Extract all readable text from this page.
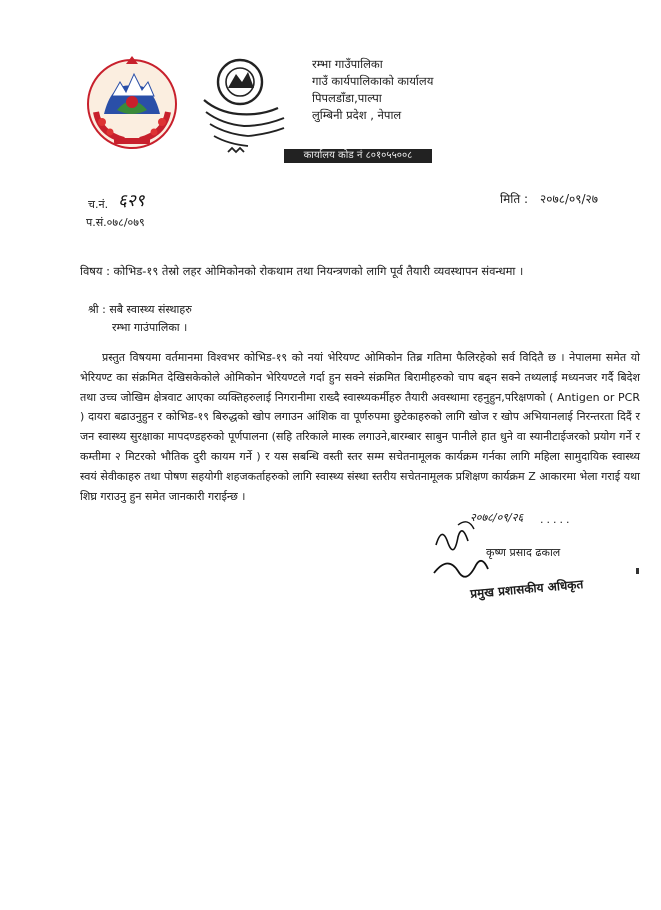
रम्भा गाउँपालिका
गाउँ कार्यपालिकाको कार्यालय
पिपलडाँडा,पाल्पा
लुम्बिनी प्रदेश , नेपाल
कार्यालय कोड नं ८०१०५५००८
च.नं. ६२९
प.सं.०७८/०७९
मिति : २०७८/०९/२७
विषय : कोभिड-१९ तेस्रो लहर ओमिकोनको रोकथाम तथा नियन्त्रणको लागि पूर्व तैयारी व्यवस्थापन संवन्धमा ।
श्री : सबै स्वास्थ्य संस्थाहरु
रम्भा गाउंपालिका ।
प्रस्तुत विषयमा वर्तमानमा विश्वभर कोभिड-१९ को नयां भेरियण्ट ओमिकोन तिब्र गतिमा फैलिरहेको सर्व विदितै छ । नेपालमा समेत यो भेरियण्ट का संक्रमित देखिसकेकोले ओमिकोन भेरियण्टले गर्दा हुन सक्ने संक्रमित बिरामीहरुको चाप बढ्न सक्ने तथ्यलाई मध्यनजर गर्दै बिदेश तथा उच्च जोखिम क्षेत्रवाट आएका व्यक्तिहरुलाई निगरानीमा राख्दै स्वास्थ्यकर्मीहरु तैयारी अवस्थामा रहनुहुन,परिक्षणको ( Antigen or PCR ) दायरा बढाउनुहुन र कोभिड-१९ बिरुद्धको खोप लगाउन आंशिक वा पूर्णरुपमा छुटेकाहरुको लागि खोज र खोप अभियानलाई निरन्तरता दिदैं र जन स्वास्थ्य सुरक्षाका मापदण्डहरुको पूर्णपालना (सहि तरिकाले मास्क लगाउने,बारम्बार साबुन पानीले हात धुने वा स्यानीटाईजरको प्रयोग गर्ने र कम्तीमा २ मिटरको भौतिक दुरी कायम गर्ने ) र यस सबन्धि वस्ती स्तर सम्म सचेतनामूलक कार्यक्रम गर्नका लागि महिला सामुदायिक स्वास्थ्य स्वयं सेवीकाहरु तथा पोषण सहयोगी शहजकर्ताहरुको लागि स्वास्थ्य संस्था स्तरीय सचेतनामूलक प्रशिक्षण कार्यक्रम Z आकारमा भेला गराई यथा शिघ्र गराउनु हुन समेत जानकारी गराईन्छ ।
२०७८/०९/२६ .....
कृष्ण प्रसाद ढकाल
प्रमुख प्रशासकीय अधिकृत
